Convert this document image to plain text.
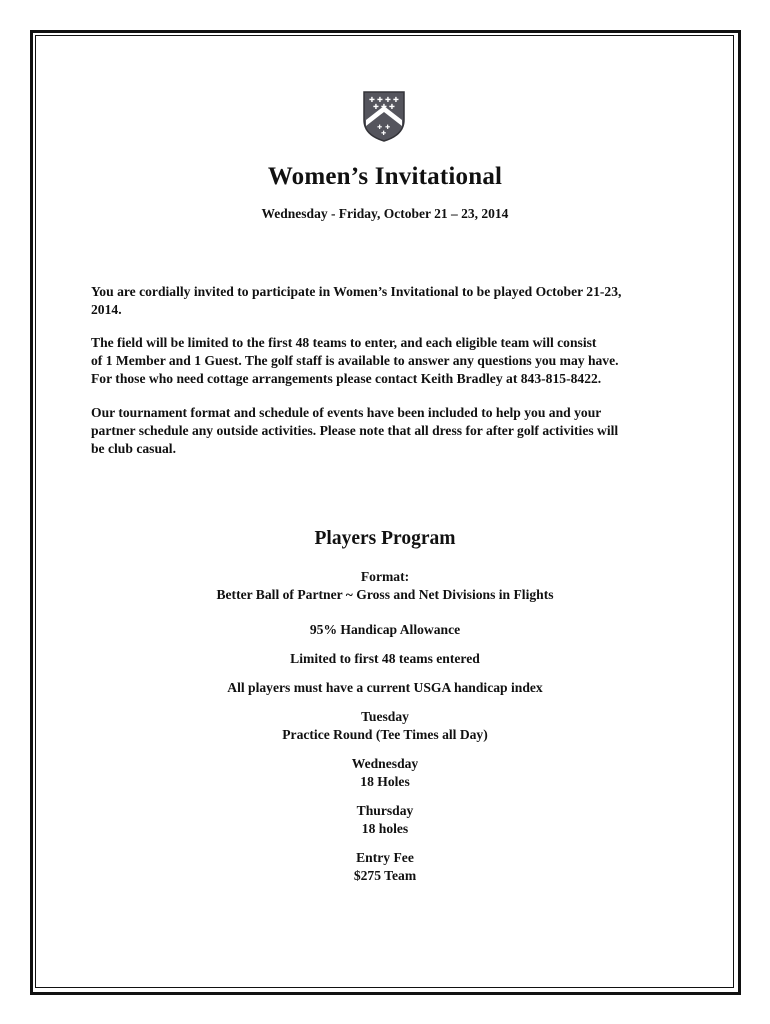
✚ ✚ ✚ ✚
✚ ✚ ✚
✚ ✚
✚
Women’s Invitational
Wednesday - Friday, October 21 – 23, 2014
You are cordially invited to participate in Women’s Invitational to be played October 21-23,
2014.
The field will be limited to the first 48 teams to enter, and each eligible team will consist
of 1 Member and 1 Guest. The golf staff is available to answer any questions you may have.
For those who need cottage arrangements please contact Keith Bradley at 843-815-8422.
Our tournament format and schedule of events have been included to help you and your
partner schedule any outside activities. Please note that all dress for after golf activities will
be club casual.
Players Program
Format:
Better Ball of Partner ~ Gross and Net Divisions in Flights
95% Handicap Allowance
Limited to first 48 teams entered
All players must have a current USGA handicap index
Tuesday
Practice Round (Tee Times all Day)
Wednesday
18 Holes
Thursday
18 holes
Entry Fee
$275 Team
